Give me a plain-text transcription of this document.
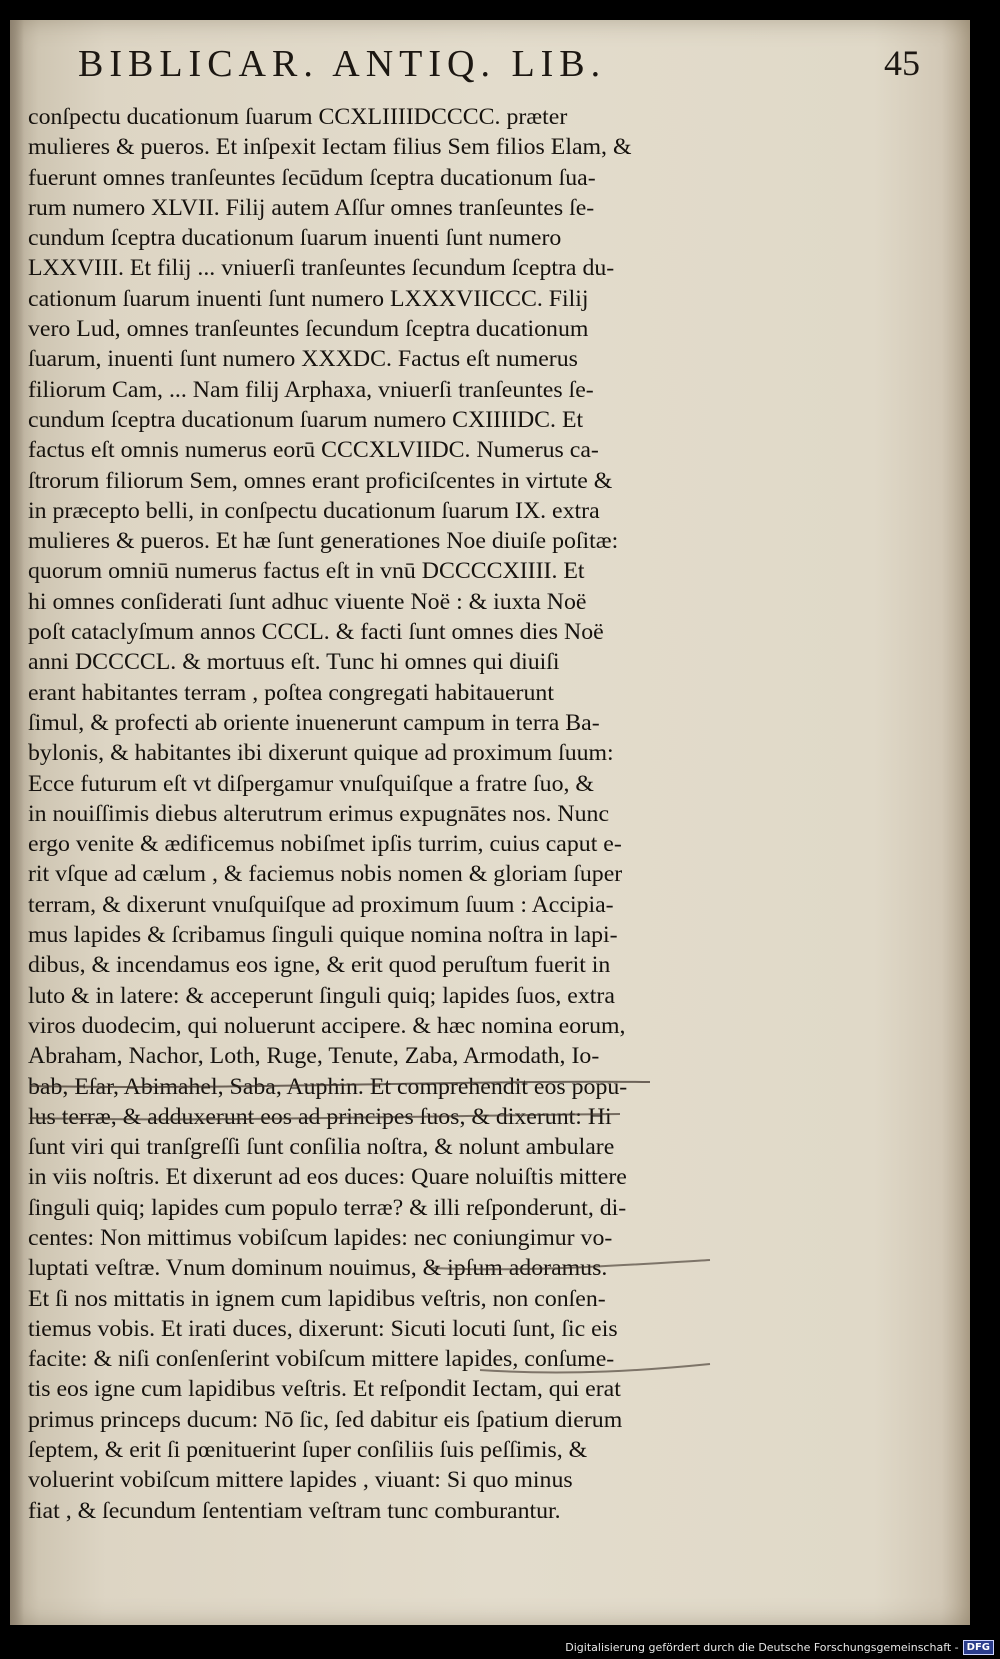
BIBLICAR. ANTIQ. LIB.	45
conſpectu ducationum ſuarum CCXLIIIIDCCCC. præter
mulieres & pueros. Et inſpexit Iectam filius Sem filios Elam, &
fuerunt omnes tranſeuntes ſecūdum ſceptra ducationum ſua-
rum numero XLVII. Filij autem Aſſur omnes tranſeuntes ſe-
cundum ſceptra ducationum ſuarum inuenti ſunt numero
LXXVIII. Et filij ... vniuerſi tranſeuntes ſecundum ſceptra du-
cationum ſuarum inuenti ſunt numero LXXXVIICCC. Filij
vero Lud, omnes tranſeuntes ſecundum ſceptra ducationum
ſuarum, inuenti ſunt numero XXXDC. Factus eſt numerus
filiorum Cam, ... Nam filij Arphaxa, vniuerſi tranſeuntes ſe-
cundum ſceptra ducationum ſuarum numero CXIIIIDC. Et
factus eſt omnis numerus eorū CCCXLVIIDC. Numerus ca-
ſtrorum filiorum Sem, omnes erant proficiſcentes in virtute &
in præcepto belli, in conſpectu ducationum ſuarum IX. extra
mulieres & pueros. Et hæ ſunt generationes Noe diuiſe poſitæ:
quorum omniū numerus factus eſt in vnū DCCCCXIIII. Et
hi omnes conſiderati ſunt adhuc viuente Noë : & iuxta Noë
poſt cataclyſmum annos CCCL. & facti ſunt omnes dies Noë
anni DCCCCL. & mortuus eſt. Tunc hi omnes qui diuiſi
erant habitantes terram , poſtea congregati habitauerunt
ſimul, & profecti ab oriente inuenerunt campum in terra Ba-
bylonis, & habitantes ibi dixerunt quique ad proximum ſuum:
Ecce futurum eſt vt diſpergamur vnuſquiſque a fratre ſuo, &
in nouiſſimis diebus alterutrum erimus expugnātes nos. Nunc
ergo venite & ædificemus nobiſmet ipſis turrim, cuius caput e-
rit vſque ad cælum , & faciemus nobis nomen & gloriam ſuper
terram, & dixerunt vnuſquiſque ad proximum ſuum : Accipia-
mus lapides & ſcribamus ſinguli quique nomina noſtra in lapi-
dibus, & incendamus eos igne, & erit quod peruſtum fuerit in
luto & in latere: & acceperunt ſinguli quiq; lapides ſuos, extra
viros duodecim, qui noluerunt accipere. & hæc nomina eorum,
Abraham, Nachor, Loth, Ruge, Tenute, Zaba, Armodath, Io-
bab, Eſar, Abimahel, Saba, Auphin. Et comprehendit eos popu-
lus terræ, & adduxerunt eos ad principes ſuos, & dixerunt: Hi
ſunt viri qui tranſgreſſi ſunt conſilia noſtra, & nolunt ambulare
in viis noſtris. Et dixerunt ad eos duces: Quare noluiſtis mittere
ſinguli quiq; lapides cum populo terræ? & illi reſponderunt, di-
centes: Non mittimus vobiſcum lapides: nec coniungimur vo-
luptati veſtræ. Vnum dominum nouimus, & ipſum adoramus.
Et ſi nos mittatis in ignem cum lapidibus veſtris, non conſen-
tiemus vobis. Et irati duces, dixerunt: Sicuti locuti ſunt, ſic eis
facite: & niſi conſenſerint vobiſcum mittere lapides, conſume-
tis eos igne cum lapidibus veſtris. Et reſpondit Iectam, qui erat
primus princeps ducum: Nō ſic, ſed dabitur eis ſpatium dierum
ſeptem, & erit ſi pœnituerint ſuper conſiliis ſuis peſſimis, &
voluerint vobiſcum mittere lapides , viuant: Si quo minus
fiat , & ſecundum ſententiam veſtram tunc comburantur.
Digitalisierung gefördert durch die Deutsche Forschungsgemeinschaft - DFG
